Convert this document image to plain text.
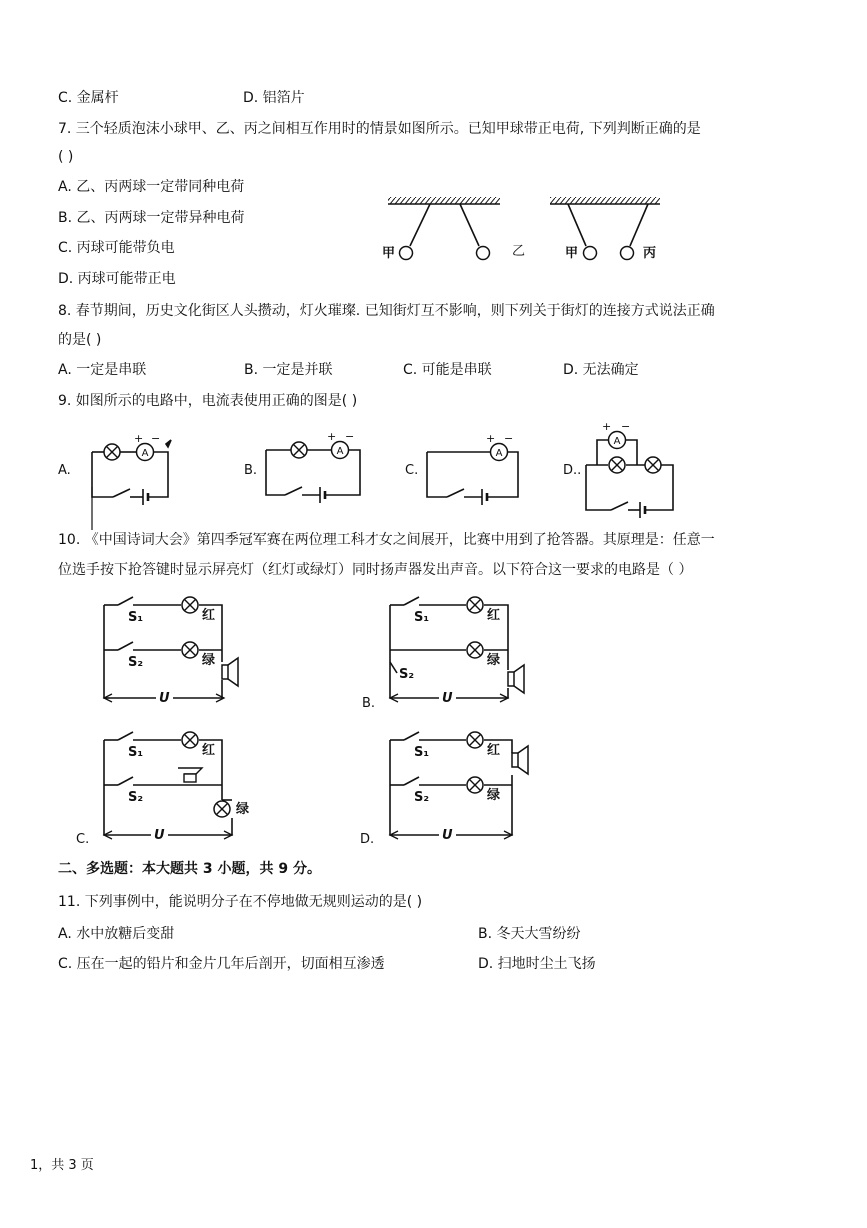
C. 金属杆	D. 铝箔片
7. 三个轻质泡沫小球甲、乙、丙之间相互作用时的情景如图所示。已知甲球带正电荷, 下列判断正确的是
( )
A. 乙、丙两球一定带同种电荷
B. 乙、丙两球一定带异种电荷
C. 丙球可能带负电
D. 丙球可能带正电
8. 春节期间，历史文化街区人头攒动，灯火璀璨. 已知街灯互不影响，则下列关于街灯的连接方式说法正确
的是( )
A. 一定是串联	B. 一定是并联	C. 可能是串联	D. 无法确定
9. 如图所示的电路中，电流表使用正确的图是( )
10. 《中国诗词大会》第四季冠军赛在两位理工科才女之间展开，比赛中用到了抢答器。其原理是：任意一
位选手按下抢答键时显示屏亮灯（红灯或绿灯）同时扬声器发出声音。以下符合这一要求的电路是（ ）
二、多选题：本大题共 3 小题，共 9 分。
11. 下列事例中，能说明分子在不停地做无规则运动的是( )
A. 水中放糖后变甜	B. 冬天大雪纷纷
C. 压在一起的铅片和金片几年后剖开，切面相互渗透	D. 扫地时尘土飞扬
1，共 3 页
A
+ −
A
+ −
A
+ −	A
+ −
甲	乙	甲	丙
A.	B.	C.	D..
S₁	红
S₂	绿
U
S₁	红
绿
S₂
U
B.
S₁	红
S₂
绿
U
C.
S₁	红
S₂	绿
U
D.
